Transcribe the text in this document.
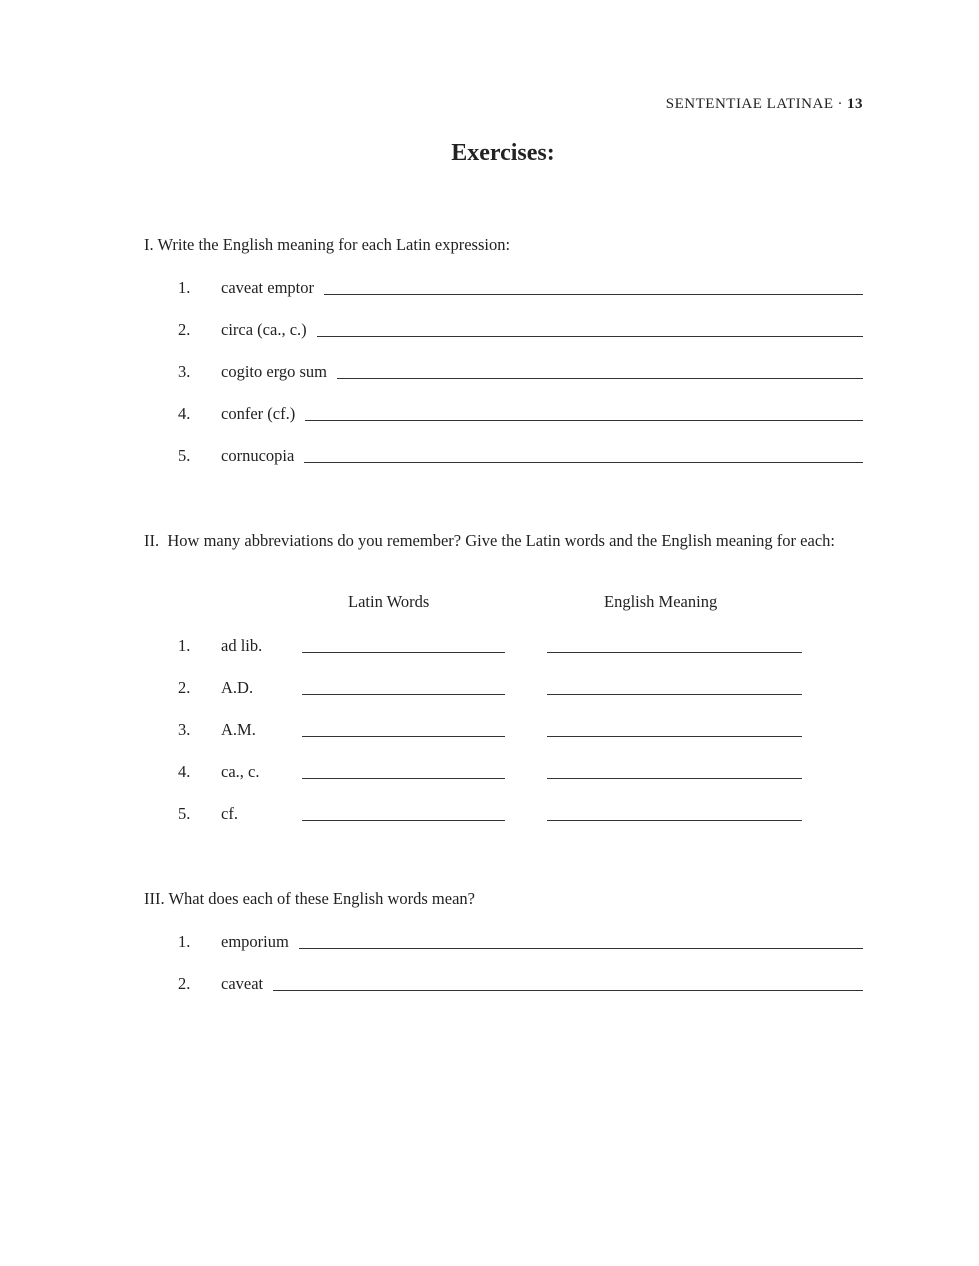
SENTENTIAE LATINAE · 13
Exercises:
I. Write the English meaning for each Latin expression:
1.	caveat emptor
2.	circa (ca., c.)
3.	cogito ergo sum
4.	confer (cf.)
5.	cornucopia
II. How many abbreviations do you remember? Give the Latin words and the English meaning for each:
Latin Words	English Meaning
1. ad lib.
2. A.D.
3. A.M.
4. ca., c.
5. cf.
III. What does each of these English words mean?
1.	emporium
2.	caveat
